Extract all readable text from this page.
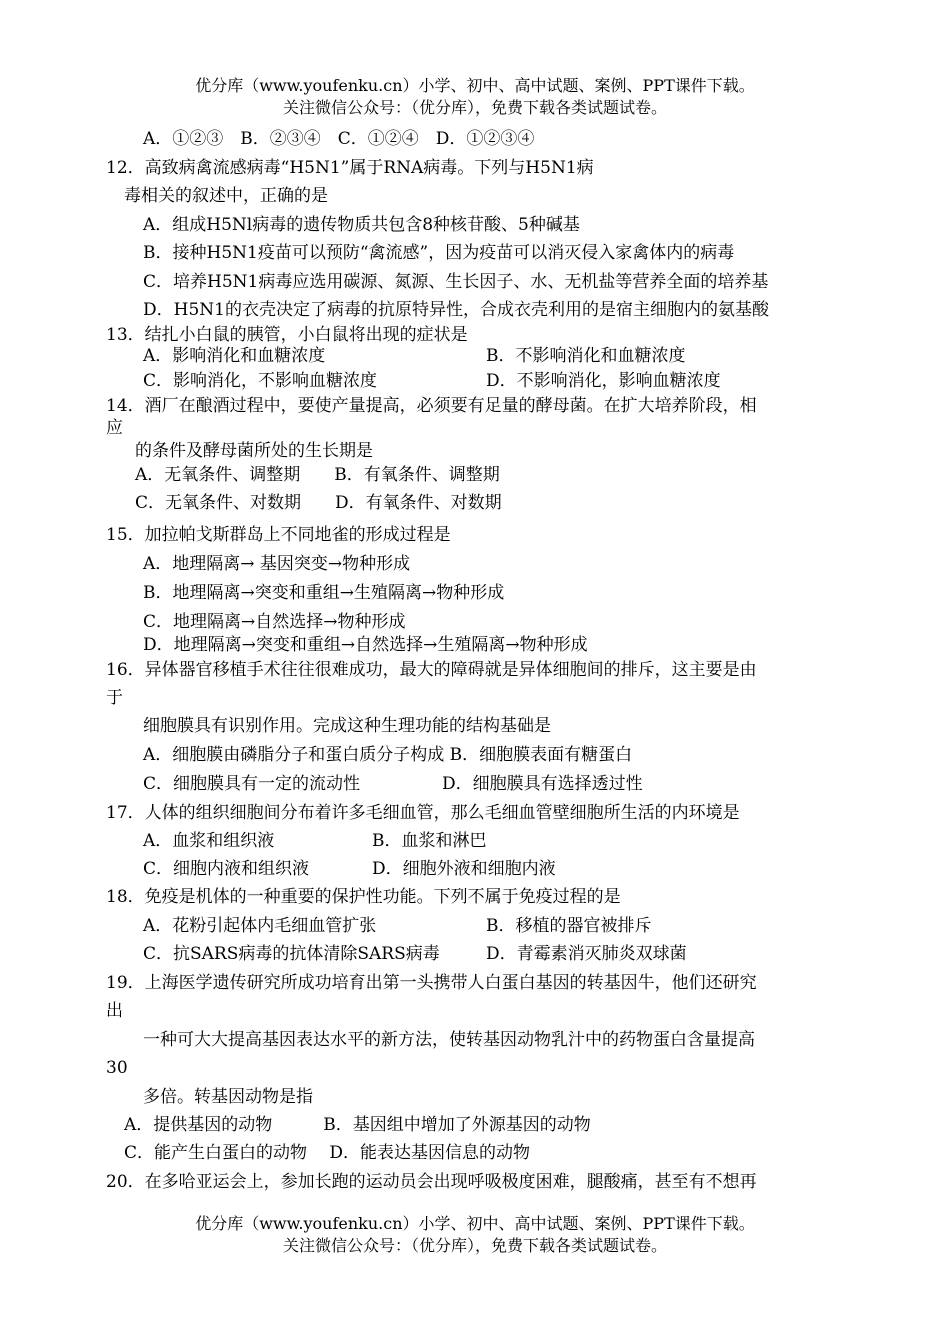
优分库（www.youfenku.cn）小学、初中、高中试题、案例、PPT课件下载。
关注微信公众号：（优分库），免费下载各类试题试卷。
A．①②③　B．②③④　C．①②④　D．①②③④
12．高致病禽流感病毒“H5N1”属于RNA病毒。下列与H5N1病
毒相关的叙述中，正确的是
A．组成H5Nl病毒的遗传物质共包含8种核苷酸、5种碱基
B．接种H5N1疫苗可以预防“禽流感”，因为疫苗可以消灭侵入家禽体内的病毒
C．培养H5N1病毒应选用碳源、氮源、生长因子、水、无机盐等营养全面的培养基
D．H5N1的衣壳决定了病毒的抗原特异性，合成衣壳利用的是宿主细胞内的氨基酸
13．结扎小白鼠的胰管，小白鼠将出现的症状是
A．影响消化和血糖浓度	B．不影响消化和血糖浓度
C．影响消化，不影响血糖浓度	D．不影响消化，影响血糖浓度
14．酒厂在酿酒过程中，要使产量提高，必须要有足量的酵母菌。在扩大培养阶段，相
应
的条件及酵母菌所处的生长期是
A．无氧条件、调整期　　B．有氧条件、调整期
C．无氧条件、对数期　　D．有氧条件、对数期
15．加拉帕戈斯群岛上不同地雀的形成过程是
A．地理隔离→ 基因突变→物种形成
B．地理隔离→突变和重组→生殖隔离→物种形成
C．地理隔离→自然选择→物种形成
D．地理隔离→突变和重组→自然选择→生殖隔离→物种形成
16．异体器官移植手术往往很难成功，最大的障碍就是异体细胞间的排斥，这主要是由
于
细胞膜具有识别作用。完成这种生理功能的结构基础是
A．细胞膜由磷脂分子和蛋白质分子构成 B．细胞膜表面有糖蛋白
C．细胞膜具有一定的流动性	D．细胞膜具有选择透过性
17．人体的组织细胞间分布着许多毛细血管，那么毛细血管壁细胞所生活的内环境是
A．血浆和组织液	B．血浆和淋巴
C．细胞内液和组织液	D．细胞外液和细胞内液
18．免疫是机体的一种重要的保护性功能。下列不属于免疫过程的是
A．花粉引起体内毛细血管扩张	B．移植的器官被排斥
C．抗SARS病毒的抗体清除SARS病毒	D．青霉素消灭肺炎双球菌
19．上海医学遗传研究所成功培育出第一头携带人白蛋白基因的转基因牛，他们还研究
出
一种可大大提高基因表达水平的新方法，使转基因动物乳汁中的药物蛋白含量提高
30
多倍。转基因动物是指
A．提供基因的动物　　　B．基因组中增加了外源基因的动物
C．能产生白蛋白的动物　 D．能表达基因信息的动物
20．在多哈亚运会上，参加长跑的运动员会出现呼吸极度困难，腿酸痛，甚至有不想再
优分库（www.youfenku.cn）小学、初中、高中试题、案例、PPT课件下载。
关注微信公众号：（优分库），免费下载各类试题试卷。
